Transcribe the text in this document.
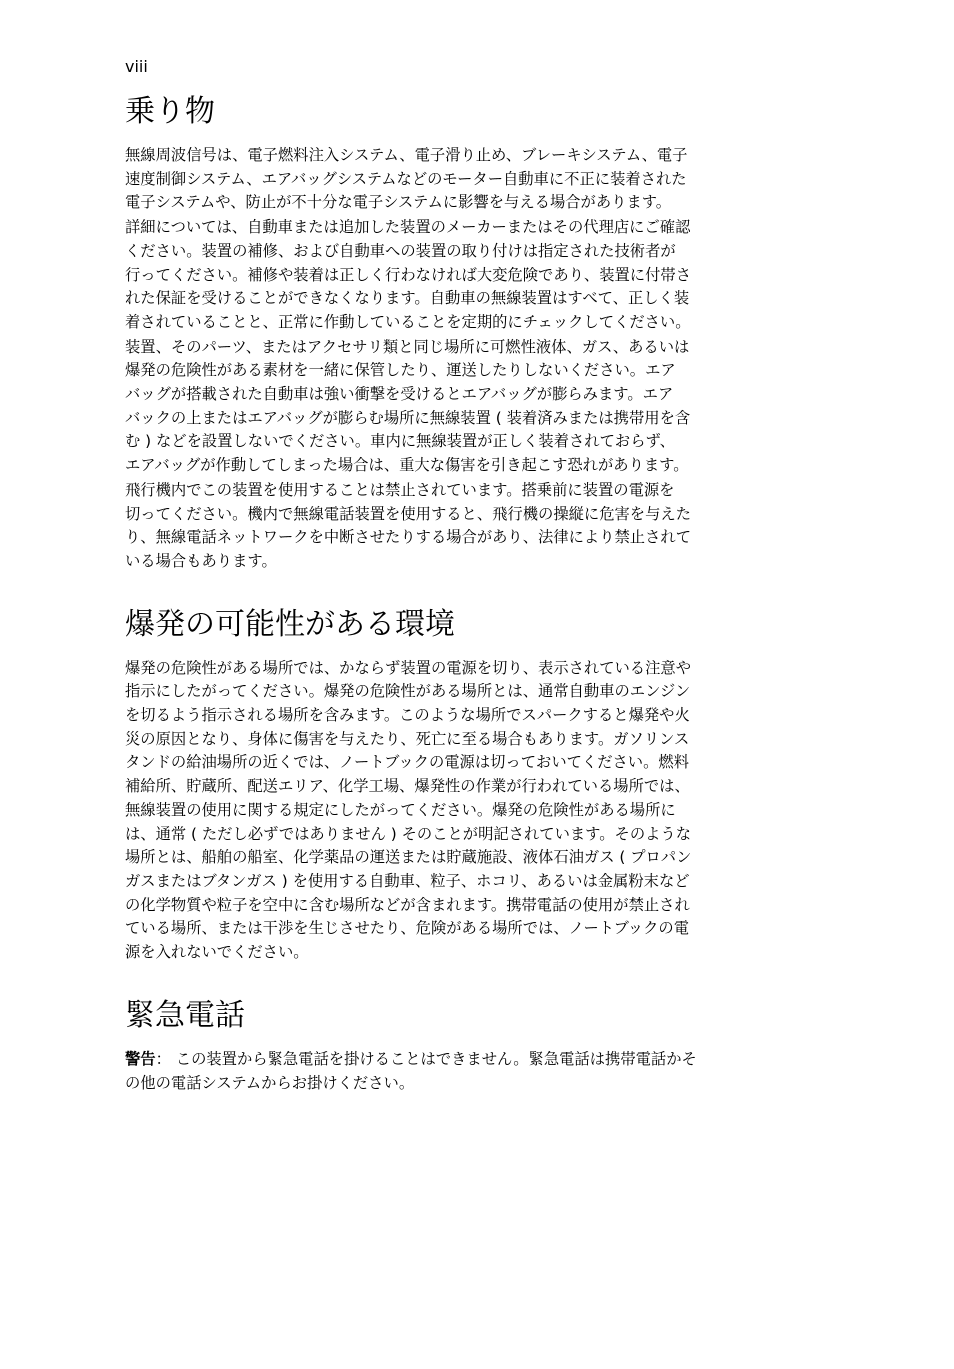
viii
乗り物

無線周波信号は、電子燃料注入システム、電子滑り止め、ブレーキシステム、電子
速度制御システム、エアバッグシステムなどのモーター自動車に不正に装着された
電子システムや、防止が不十分な電子システムに影響を与える場合があります。

詳細については、自動車または追加した装置のメーカーまたはその代理店にご確認
ください。装置の補修、および自動車への装置の取り付けは指定された技術者が
行ってください。補修や装着は正しく行わなければ大変危険であり、装置に付帯さ
れた保証を受けることができなくなります。自動車の無線装置はすべて、正しく装
着されていることと、正常に作動していることを定期的にチェックしてください。

装置、そのパーツ、またはアクセサリ類と同じ場所に可燃性液体、ガス、あるいは
爆発の危険性がある素材を一緒に保管したり、運送したりしないください。エア
バッグが搭載された自動車は強い衝撃を受けるとエアバッグが膨らみます。エア
バックの上またはエアバッグが膨らむ場所に無線装置 ( 装着済みまたは携帯用を含
む ) などを設置しないでください。車内に無線装置が正しく装着されておらず、
エアバッグが作動してしまった場合は、重大な傷害を引き起こす恐れがあります。

飛行機内でこの装置を使用することは禁止されています。搭乗前に装置の電源を
切ってください。機内で無線電話装置を使用すると、飛行機の操縦に危害を与えた
り、無線電話ネットワークを中断させたりする場合があり、法律により禁止されて
いる場合もあります。

爆発の可能性がある環境

爆発の危険性がある場所では、かならず装置の電源を切り、表示されている注意や
指示にしたがってください。爆発の危険性がある場所とは、通常自動車のエンジン
を切るよう指示される場所を含みます。このような場所でスパークすると爆発や火
災の原因となり、身体に傷害を与えたり、死亡に至る場合もあります。ガソリンス
タンドの給油場所の近くでは、ノートブックの電源は切っておいてください。燃料
補給所、貯蔵所、配送エリア、化学工場、爆発性の作業が行われている場所では、
無線装置の使用に関する規定にしたがってください。爆発の危険性がある場所に
は、通常 ( ただし必ずではありません ) そのことが明記されています。そのような
場所とは、船舶の船室、化学薬品の運送または貯蔵施設、液体石油ガス ( プロパン
ガスまたはブタンガス ) を使用する自動車、粒子、ホコリ、あるいは金属粉末など
の化学物質や粒子を空中に含む場所などが含まれます。携帯電話の使用が禁止され
ている場所、または干渉を生じさせたり、危険がある場所では、ノートブックの電
源を入れないでください。

緊急電話

警告： この装置から緊急電話を掛けることはできません。緊急電話は携帯電話かそ
の他の電話システムからお掛けください。
